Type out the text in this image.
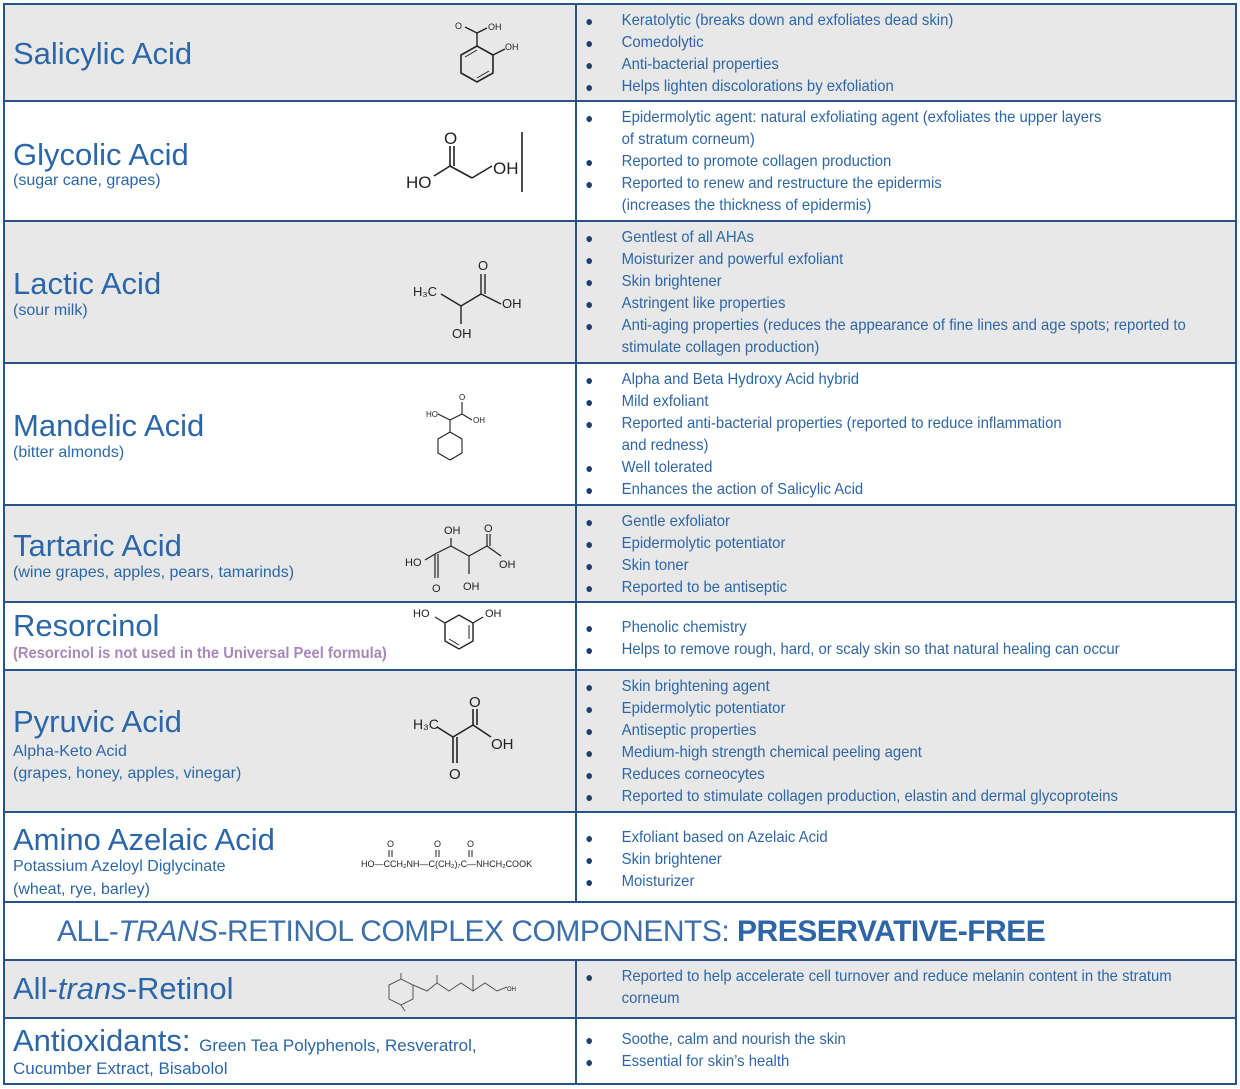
Salicylic Acid
O	OH
OH
● Keratolytic (breaks down and exfoliates dead skin)
● Comedolytic
● Anti-bacterial properties
● Helps lighten discolorations by exfoliation
Glycolic Acid
(sugar cane, grapes)
O
HO
OH
● Epidermolytic agent: natural exfoliating agent (exfoliates the upper layers
of stratum corneum)
● Reported to promote collagen production
● Reported to renew and restructure the epidermis
(increases the thickness of epidermis)
Lactic Acid
(sour milk)
O
H₃C
OH
OH
● Gentlest of all AHAs
● Moisturizer and powerful exfoliant
● Skin brightener
● Astringent like properties
● Anti-aging properties (reduces the appearance of fine lines and age spots; reported to
stimulate collagen production)
Mandelic Acid
(bitter almonds)
HO
O
OH
● Alpha and Beta Hydroxy Acid hybrid
● Mild exfoliant
● Reported anti-bacterial properties (reported to reduce inflammation
and redness)
● Well tolerated
● Enhances the action of Salicylic Acid
Tartaric Acid
(wine grapes, apples, pears, tamarinds)
OH O
HO	OH
O OH
● Gentle exfoliator
● Epidermolytic potentiator
● Skin toner
● Reported to be antiseptic
Resorcinol
(Resorcinol is not used in the Universal Peel formula)
HO	OH
● Phenolic chemistry
● Helps to remove rough, hard, or scaly skin so that natural healing can occur
Pyruvic Acid
Alpha-Keto Acid
(grapes, honey, apples, vinegar)
O
H₃C
OH
O
● Skin brightening agent
● Epidermolytic potentiator
● Antiseptic properties
● Medium-high strength chemical peeling agent
● Reduces corneocytes
● Reported to stimulate collagen production, elastin and dermal glycoproteins
Amino Azelaic Acid
Potassium Azeloyl Diglycinate
(wheat, rye, barley)
O	O	O
HO—CCH₂NH—C(CH₂)₇C—NHCH₂COOK
● Exfoliant based on Azelaic Acid
● Skin brightener
● Moisturizer
ALL-TRANS-RETINOL COMPLEX COMPONENTS: PRESERVATIVE-FREE
All-trans-Retinol	OH
● Reported to help accelerate cell turnover and reduce melanin content in the stratum
corneum
Antioxidants: Green Tea Polyphenols, Resveratrol,
Cucumber Extract, Bisabolol
● Soothe, calm and nourish the skin
● Essential for skin’s health
